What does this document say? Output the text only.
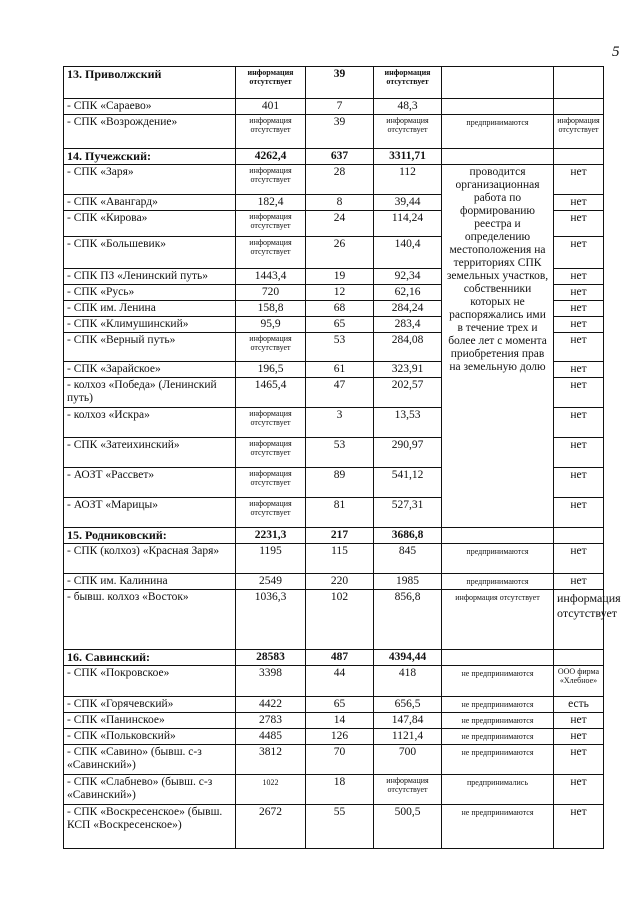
5
13. Приволжский	информация отсутствует	39	информация отсутствует		
- СПК «Сараево»	401	7	48,3		
- СПК «Возрождение»	информация отсутствует	39	информация отсутствует	предпринимаются	информация отсутствует
14. Пучежский:	4262,4	637	3311,71		
- СПК «Заря»	информация отсутствует	28	112	проводится организационная работа по формированию реестра и определению местоположения на территориях СПК земельных участков, собственники которых не распоряжались ими в течение трех и более лет с момента приобретения прав на земельную долю	нет
- СПК «Авангард»	182,4	8	39,44		нет
- СПК «Кирова»	информация отсутствует	24	114,24		нет
- СПК «Большевик»	информация отсутствует	26	140,4		нет
- СПК ПЗ «Ленинский путь»	1443,4	19	92,34		нет
- СПК «Русь»	720	12	62,16		нет
- СПК им. Ленина	158,8	68	284,24		нет
- СПК «Климушинский»	95,9	65	283,4		нет
- СПК «Верный путь»	информация отсутствует	53	284,08		нет
- СПК «Зарайское»	196,5	61	323,91		нет
- колхоз «Победа» (Ленинский путь)	1465,4	47	202,57		нет
- колхоз «Искра»	информация отсутствует	3	13,53		нет
- СПК «Затеихинский»	информация отсутствует	53	290,97		нет
- АОЗТ «Рассвет»	информация отсутствует	89	541,12		нет
- АОЗТ «Марицы»	информация отсутствует	81	527,31		нет
15. Родниковский:	2231,3	217	3686,8		
- СПК (колхоз) «Красная Заря»	1195	115	845	предпринимаются	нет
- СПК им. Калинина	2549	220	1985	предпринимаются	нет
- бывш. колхоз «Восток»	1036,3	102	856,8	информация отсутствует	информация отсутствует
16. Савинский:	28583	487	4394,44		
- СПК «Покровское»	3398	44	418	не предпринимаются	ООО фирма «Хлебное»
- СПК «Горячевский»	4422	65	656,5	не предпринимаются	есть
- СПК «Панинское»	2783	14	147,84	не предпринимаются	нет
- СПК «Польковский»	4485	126	1121,4	не предпринимаются	нет
- СПК «Савино» (бывш. с-з «Савинский»)	3812	70	700	не предпринимаются	нет
- СПК «Слабнево» (бывш. с-з «Савинский»)	1022	18	информация отсутствует	предпринимались	нет
- СПК «Воскресенское» (бывш. КСП «Воскресенское»)	2672	55	500,5	не предпринимаются	нет
